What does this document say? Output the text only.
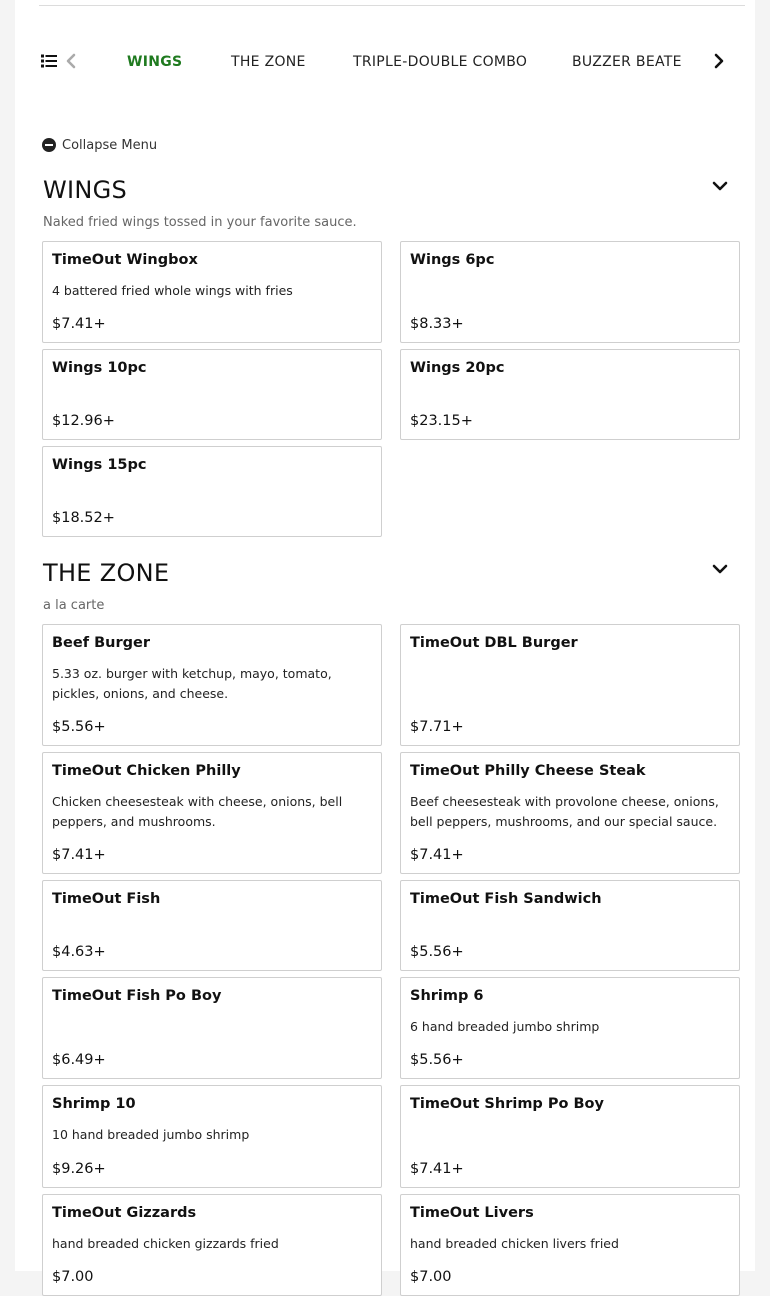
WINGS	THE ZONE	TRIPLE-DOUBLE COMBO	BUZZER BEATE
Collapse Menu
WINGS
Naked fried wings tossed in your favorite sauce.
TimeOut Wingbox
4 battered fried whole wings with fries
$7.41+
Wings 6pc
$8.33+
Wings 10pc
$12.96+
Wings 20pc
$23.15+
Wings 15pc
$18.52+
THE ZONE
a la carte
Beef Burger
5.33 oz. burger with ketchup, mayo, tomato, pickles, onions, and cheese.
$5.56+
TimeOut DBL Burger
$7.71+
TimeOut Chicken Philly
Chicken cheesesteak with cheese, onions, bell peppers, and mushrooms.
$7.41+
TimeOut Philly Cheese Steak
Beef cheesesteak with provolone cheese, onions, bell peppers, mushrooms, and our special sauce.
$7.41+
TimeOut Fish
$4.63+
TimeOut Fish Sandwich
$5.56+
TimeOut Fish Po Boy
$6.49+
Shrimp 6
6 hand breaded jumbo shrimp
$5.56+
Shrimp 10
10 hand breaded jumbo shrimp
$9.26+
TimeOut Shrimp Po Boy
$7.41+
TimeOut Gizzards
hand breaded chicken gizzards fried
$7.00
TimeOut Livers
hand breaded chicken livers fried
$7.00
